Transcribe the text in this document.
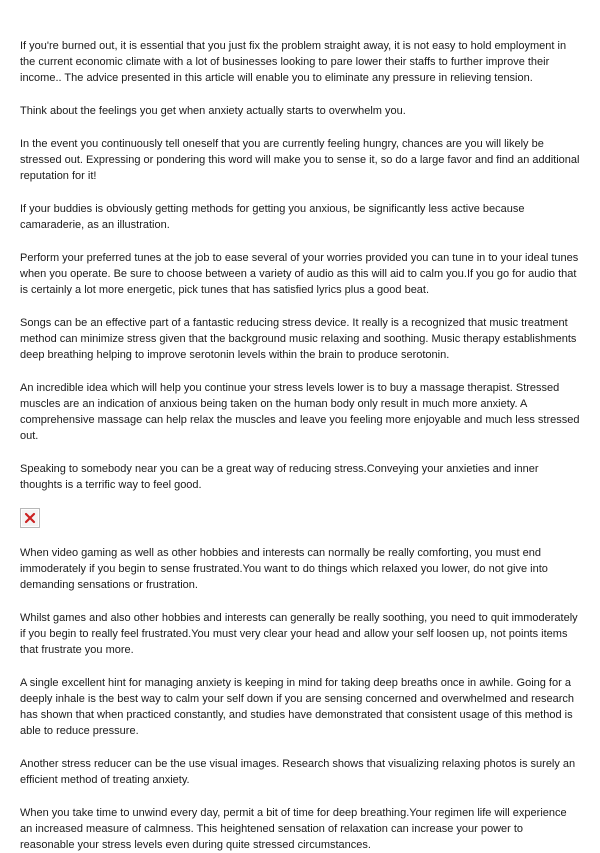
If you're burned out, it is essential that you just fix the problem straight away, it is not easy to hold employment in the current economic climate with a lot of businesses looking to pare lower their staffs to further improve their income.. The advice presented in this article will enable you to eliminate any pressure in relieving tension.

Think about the feelings you get when anxiety actually starts to overwhelm you.

In the event you continuously tell oneself that you are currently feeling hungry, chances are you will likely be stressed out. Expressing or pondering this word will make you to sense it, so do a large favor and find an additional reputation for it!

If your buddies is obviously getting methods for getting you anxious, be significantly less active because camaraderie, as an illustration.

Perform your preferred tunes at the job to ease several of your worries provided you can tune in to your ideal tunes when you operate. Be sure to choose between a variety of audio as this will aid to calm you.If you go for audio that is certainly a lot more energetic, pick tunes that has satisfied lyrics plus a good beat.

Songs can be an effective part of a fantastic reducing stress device. It really is a recognized that music treatment method can minimize stress given that the background music relaxing and soothing. Music therapy establishments deep breathing helping to improve serotonin levels within the brain to produce serotonin.

An incredible idea which will help you continue your stress levels lower is to buy a massage therapist. Stressed muscles are an indication of anxious being taken on the human body only result in much more anxiety. A comprehensive massage can help relax the muscles and leave you feeling more enjoyable and much less stressed out.

Speaking to somebody near you can be a great way of reducing stress.Conveying your anxieties and inner thoughts is a terrific way to feel good.

When video gaming as well as other hobbies and interests can normally be really comforting, you must end immoderately if you begin to sense frustrated.You want to do things which relaxed you lower, do not give into demanding sensations or frustration.

Whilst games and also other hobbies and interests can generally be really soothing, you need to quit immoderately if you begin to really feel frustrated.You must very clear your head and allow your self loosen up, not points items that frustrate you more.

A single excellent hint for managing anxiety is keeping in mind for taking deep breaths once in awhile. Going for a deeply inhale is the best way to calm your self down if you are sensing concerned and overwhelmed and research has shown that when practiced constantly, and studies have demonstrated that consistent usage of this method is able to reduce pressure.

Another stress reducer can be the use visual images. Research shows that visualizing relaxing photos is surely an efficient method of treating anxiety.

When you take time to unwind every day, permit a bit of time for deep breathing.Your regimen life will experience an increased measure of calmness. This heightened sensation of relaxation can increase your power to reasonable your stress levels even during quite stressed circumstances.
